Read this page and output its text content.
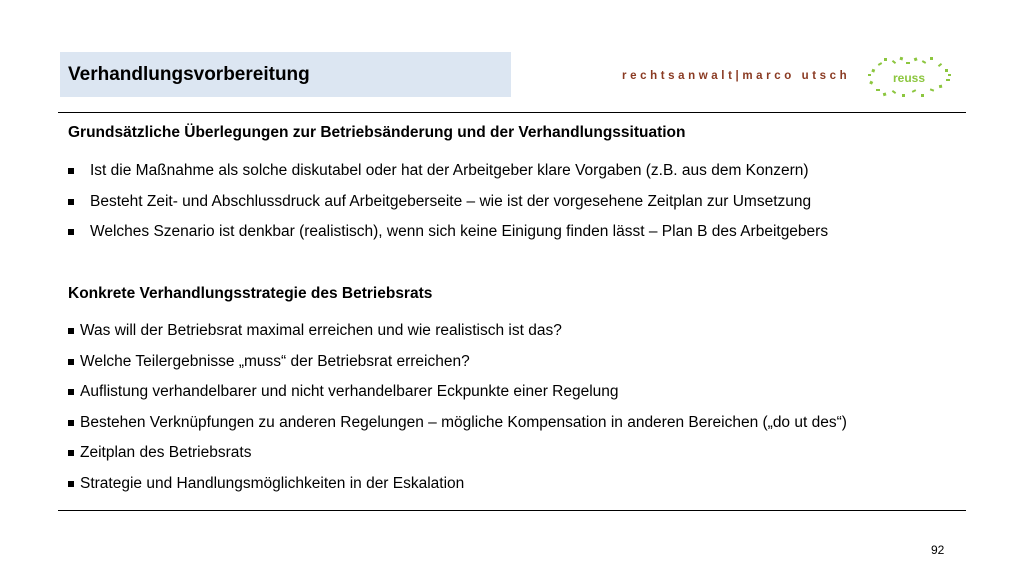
Verhandlungsvorbereitung	rechtsanwalt|marco utsch	reuss
Grundsätzliche Überlegungen zur Betriebsänderung und der Verhandlungssituation
Ist die Maßnahme als solche diskutabel oder hat der Arbeitgeber klare Vorgaben (z.B. aus dem Konzern)
Besteht Zeit- und Abschlussdruck auf Arbeitgeberseite – wie ist der vorgesehene Zeitplan zur Umsetzung
Welches Szenario ist denkbar (realistisch), wenn sich keine Einigung finden lässt – Plan B des Arbeitgebers
Konkrete Verhandlungsstrategie des Betriebsrats
Was will der Betriebsrat maximal erreichen und wie realistisch ist das?
Welche Teilergebnisse „muss“ der Betriebsrat erreichen?
Auflistung verhandelbarer und nicht verhandelbarer Eckpunkte einer Regelung
Bestehen Verknüpfungen zu anderen Regelungen – mögliche Kompensation in anderen Bereichen („do ut des“)
Zeitplan des Betriebsrats
Strategie und Handlungsmöglichkeiten in der Eskalation
92
